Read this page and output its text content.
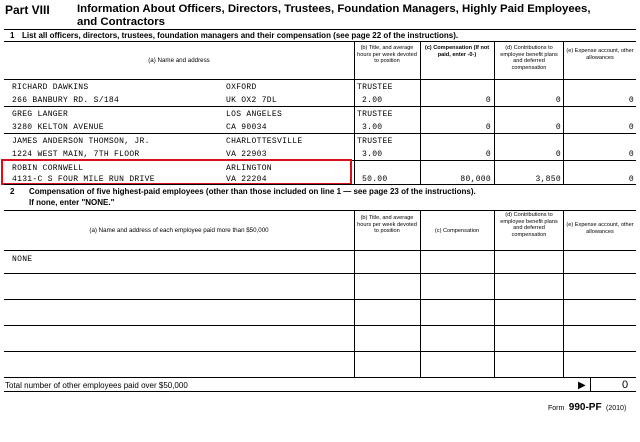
Part VIII Information About Officers, Directors, Trustees, Foundation Managers, Highly Paid Employees,
and Contractors
1 List all officers, directors, trustees, foundation managers and their compensation (see page 22 of the instructions).
(a) Name and address
(b) Title, and average hours per week devoted to position
(c) Compensation (If not paid, enter -0-)
(d) Contributions to employee benefit plans and deferred compensation
(e) Expense account, other allowances
RICHARD DAWKINS	OXFORD	TRUSTEE
266 BANBURY RD. S/184	UK OX2 7DL	2.00	0	0	0
GREG LANGER	LOS ANGELES	TRUSTEE
3280 KELTON AVENUE	CA 90034	3.00	0	0	0
JAMES ANDERSON THOMSON, JR.	CHARLOTTESVILLE	TRUSTEE
1224 WEST MAIN, 7TH FLOOR	VA 22903	3.00	0	0	0
ROBIN CORNWELL	ARLINGTON
4131-C S FOUR MILE RUN DRIVE	VA 22204	50.00	80,000	3,850	0
2 Compensation of five highest-paid employees (other than those included on line 1 — see page 23 of the instructions).
If none, enter "NONE."
(a) Name and address of each employee paid more than $50,000
(b) Title, and average hours per week devoted to position	(c) Compensation
(d) Contributions to employee benefit plans and deferred compensation
(e) Expense account, other allowances
NONE
Total number of other employees paid over $50,000	▶	0
Form 990-PF (2010)
